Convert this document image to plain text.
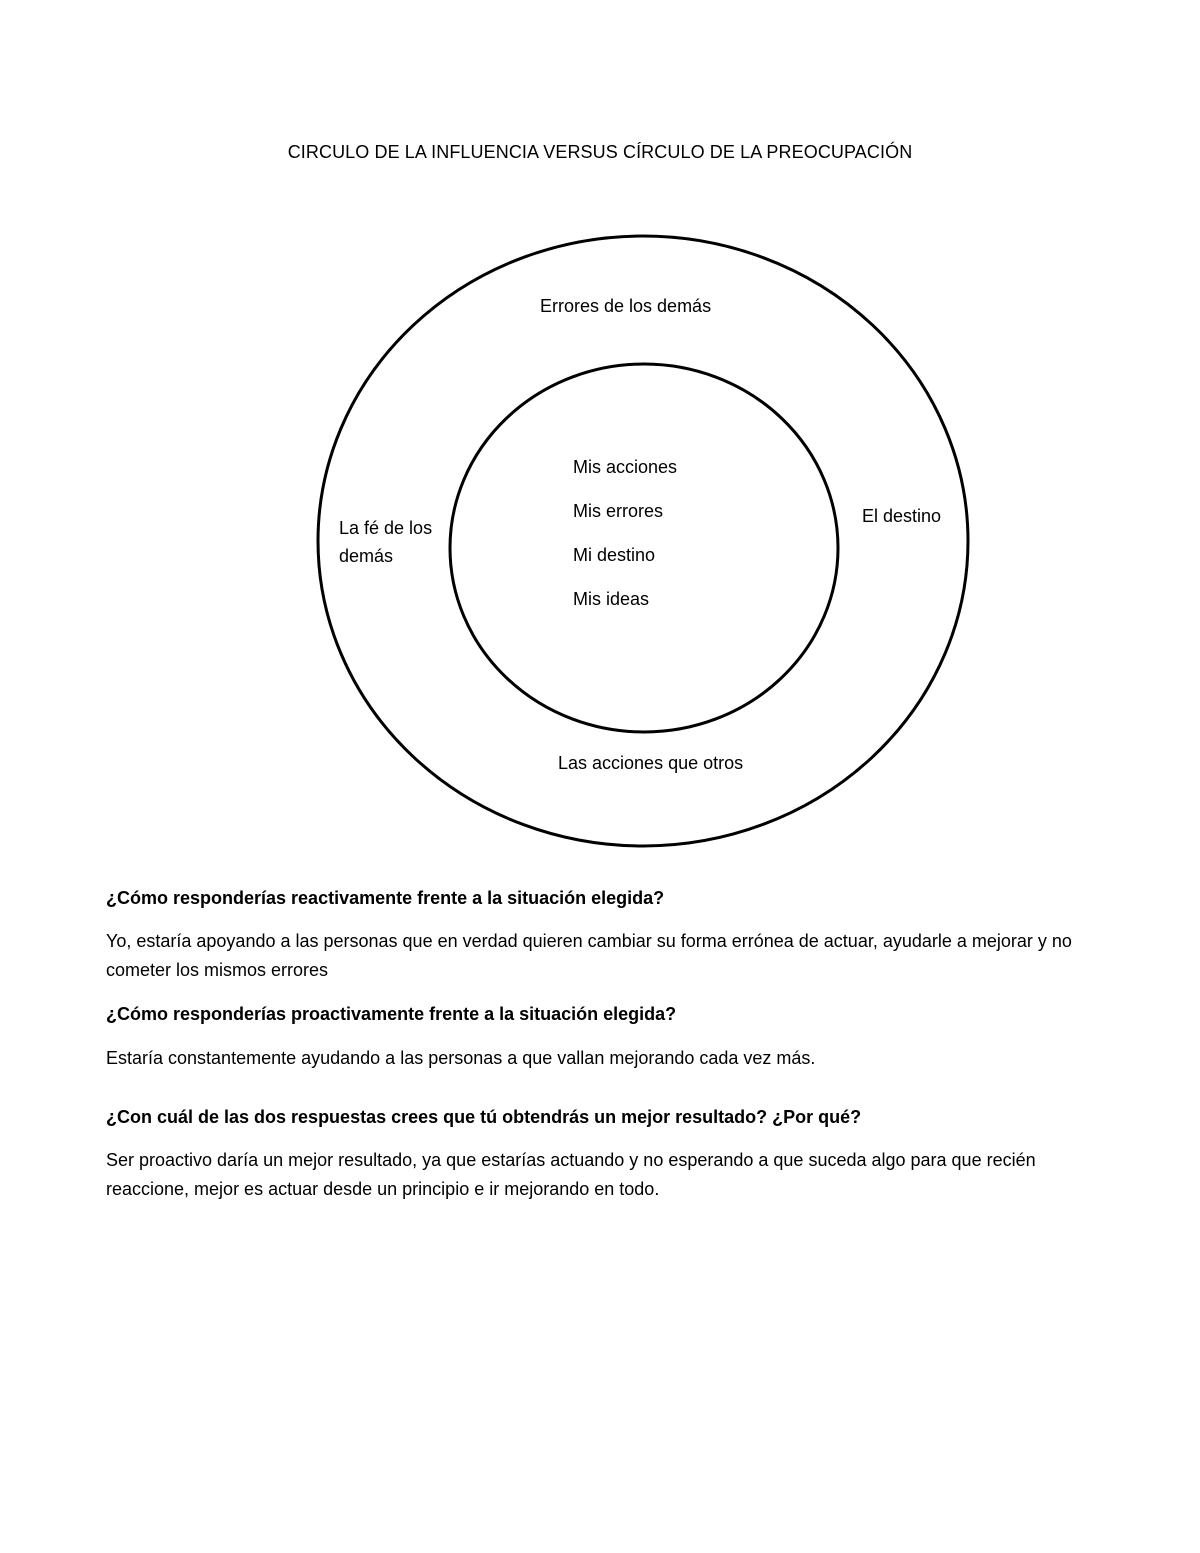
CIRCULO DE LA INFLUENCIA VERSUS CÍRCULO DE LA PREOCUPACIÓN
Errores de los demás
La fé de los demás
El destino
Las acciones que otros
Mis acciones
Mis errores
Mi destino
Mis ideas
¿Cómo responderías reactivamente frente a la situación elegida?
Yo, estaría apoyando a las personas que en verdad quieren cambiar su forma errónea de actuar, ayudarle a mejorar y no cometer los mismos errores
¿Cómo responderías proactivamente frente a la situación elegida?
Estaría constantemente ayudando a las personas a que vallan mejorando cada vez más.
¿Con cuál de las dos respuestas crees que tú obtendrás un mejor resultado? ¿Por qué?
Ser proactivo daría un mejor resultado, ya que estarías actuando y no esperando a que suceda algo para que recién reaccione, mejor es actuar desde un principio e ir mejorando en todo.
